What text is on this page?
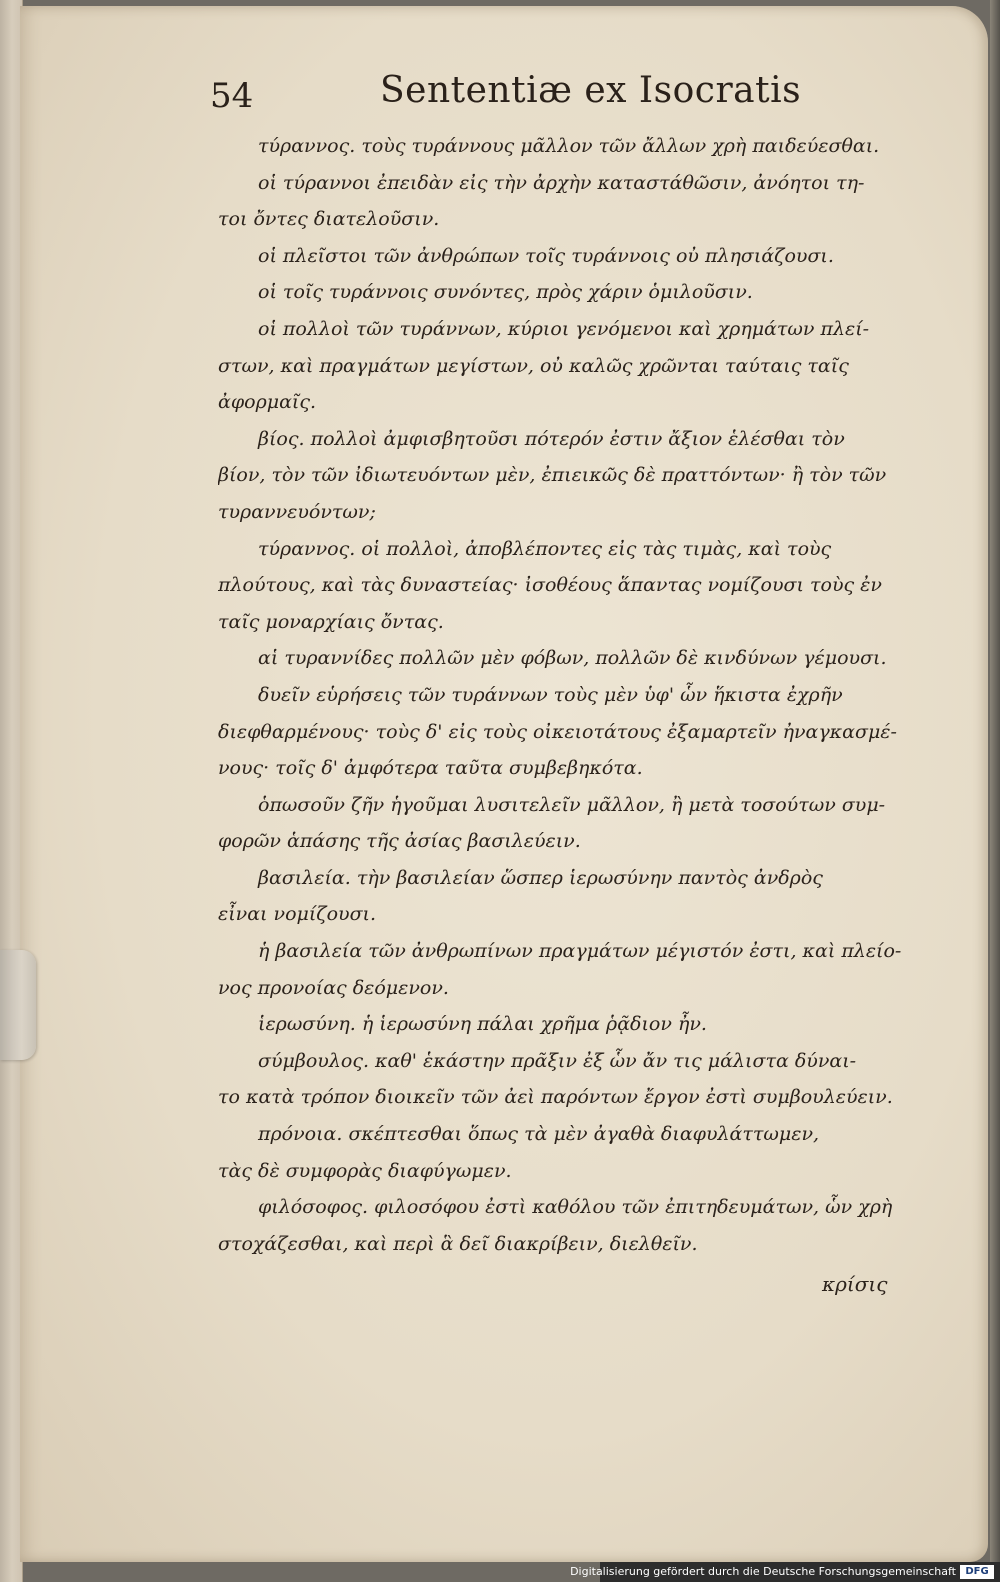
54	Sententiæ ex Isocratis
τύραννος. τοὺς τυράννους μᾶλλον τῶν ἄλλων χρὴ παιδεύεσθαι.
οἱ τύραννοι ἐπειδὰν εἰς τὴν ἀρχὴν καταστάθῶσιν, ἀνόητοι τη-
τοι ὄντες διατελοῦσιν.
οἱ πλεῖστοι τῶν ἀνθρώπων τοῖς τυράννοις οὐ πλησιάζουσι.
οἱ τοῖς τυράννοις συνόντες, πρὸς χάριν ὁμιλοῦσιν.
οἱ πολλοὶ τῶν τυράννων, κύριοι γενόμενοι καὶ χρημάτων πλεί-
στων, καὶ πραγμάτων μεγίστων, οὐ καλῶς χρῶνται ταύταις ταῖς
ἀφορμαῖς.
βίος. πολλοὶ ἀμφισβητοῦσι πότερόν ἐστιν ἄξιον ἑλέσθαι τὸν
βίον, τὸν τῶν ἰδιωτευόντων μὲν, ἐπιεικῶς δὲ πραττόντων· ἢ τὸν τῶν
τυραννευόντων;
τύραννος. οἱ πολλοὶ, ἀποβλέποντες εἰς τὰς τιμὰς, καὶ τοὺς
πλούτους, καὶ τὰς δυναστείας· ἰσοθέους ἅπαντας νομίζουσι τοὺς ἐν
ταῖς μοναρχίαις ὄντας.
αἱ τυραννίδες πολλῶν μὲν φόβων, πολλῶν δὲ κινδύνων γέμουσι.
δυεῖν εὑρήσεις τῶν τυράννων τοὺς μὲν ὑφ' ὧν ἥκιστα ἐχρῆν
διεφθαρμένους· τοὺς δ' εἰς τοὺς οἰκειοτάτους ἐξαμαρτεῖν ἠναγκασμέ-
νους· τοῖς δ' ἀμφότερα ταῦτα συμβεβηκότα.
ὁπωσοῦν ζῆν ἡγοῦμαι λυσιτελεῖν μᾶλλον, ἢ μετὰ τοσούτων συμ-
φορῶν ἁπάσης τῆς ἀσίας βασιλεύειν.
βασιλεία. τὴν βασιλείαν ὥσπερ ἱερωσύνην παντὸς ἀνδρὸς
εἶναι νομίζουσι.
ἡ βασιλεία τῶν ἀνθρωπίνων πραγμάτων μέγιστόν ἐστι, καὶ πλείο-
νος προνοίας δεόμενον.
ἱερωσύνη. ἡ ἱερωσύνη πάλαι χρῆμα ῥᾷδιον ἦν.
σύμβουλος. καθ' ἑκάστην πρᾶξιν ἐξ ὧν ἄν τις μάλιστα δύναι-
το κατὰ τρόπον διοικεῖν τῶν ἀεὶ παρόντων ἔργον ἐστὶ συμβουλεύειν.
πρόνοια. σκέπτεσθαι ὅπως τὰ μὲν ἀγαθὰ διαφυλάττωμεν,
τὰς δὲ συμφορὰς διαφύγωμεν.
φιλόσοφος. φιλοσόφου ἐστὶ καθόλου τῶν ἐπιτηδευμάτων, ὧν χρὴ
στοχάζεσθαι, καὶ περὶ ἃ δεῖ διακρίβειν, διελθεῖν.
κρίσις
Digitalisierung gefördert durch die Deutsche Forschungsgemeinschaft DFG
